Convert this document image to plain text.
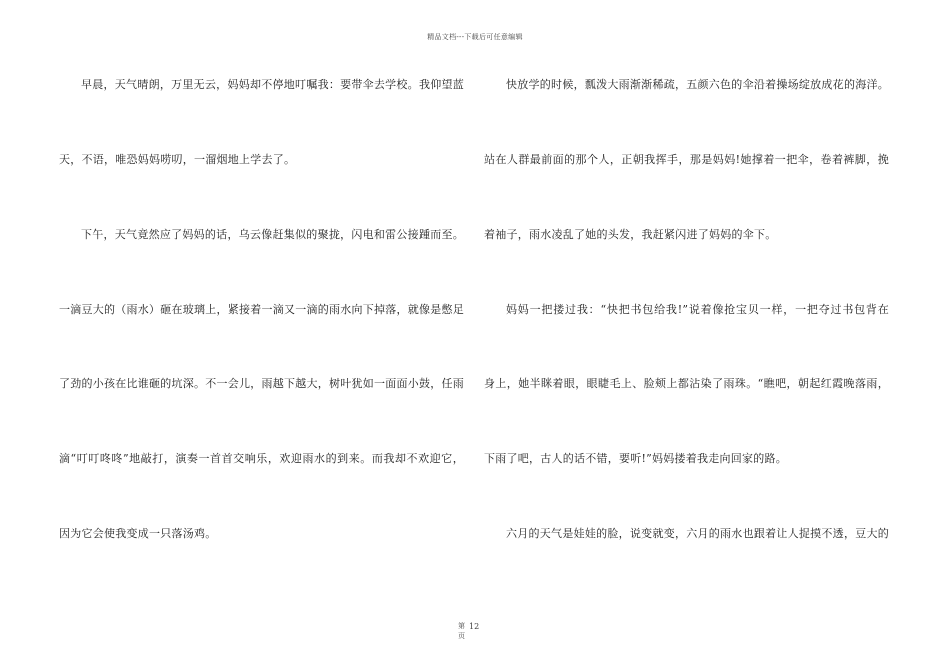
精品文档---下载后可任意编辑
早晨，天气晴朗，万里无云，妈妈却不停地叮嘱我：要带伞去学校。我仰望蓝
天，不语，唯恐妈妈唠叨，一溜烟地上学去了。
下午，天气竟然应了妈妈的话，乌云像赶集似的聚拢，闪电和雷公接踵而至。
一滴豆大的（雨水）砸在玻璃上，紧接着一滴又一滴的雨水向下掉落，就像是憋足
了劲的小孩在比谁砸的坑深。不一会儿，雨越下越大，树叶犹如一面面小鼓，任雨
滴“叮叮咚咚”地敲打，演奏一首首交响乐，欢迎雨水的到来。而我却不欢迎它，
因为它会使我变成一只落汤鸡。
快放学的时候，瓢泼大雨渐渐稀疏，五颜六色的伞沿着操场绽放成花的海洋。
站在人群最前面的那个人，正朝我挥手，那是妈妈!她撑着一把伞，卷着裤脚，挽
着袖子，雨水凌乱了她的头发，我赶紧闪进了妈妈的伞下。
妈妈一把搂过我：“快把书包给我!”说着像抢宝贝一样，一把夺过书包背在
身上，她半眯着眼，眼睫毛上、脸颊上都沾染了雨珠。“瞧吧，朝起红霞晚落雨，
下雨了吧，古人的话不错，要听!”妈妈搂着我走向回家的路。
六月的天气是娃娃的脸，说变就变，六月的雨水也跟着让人捉摸不透，豆大的
第 12
页
